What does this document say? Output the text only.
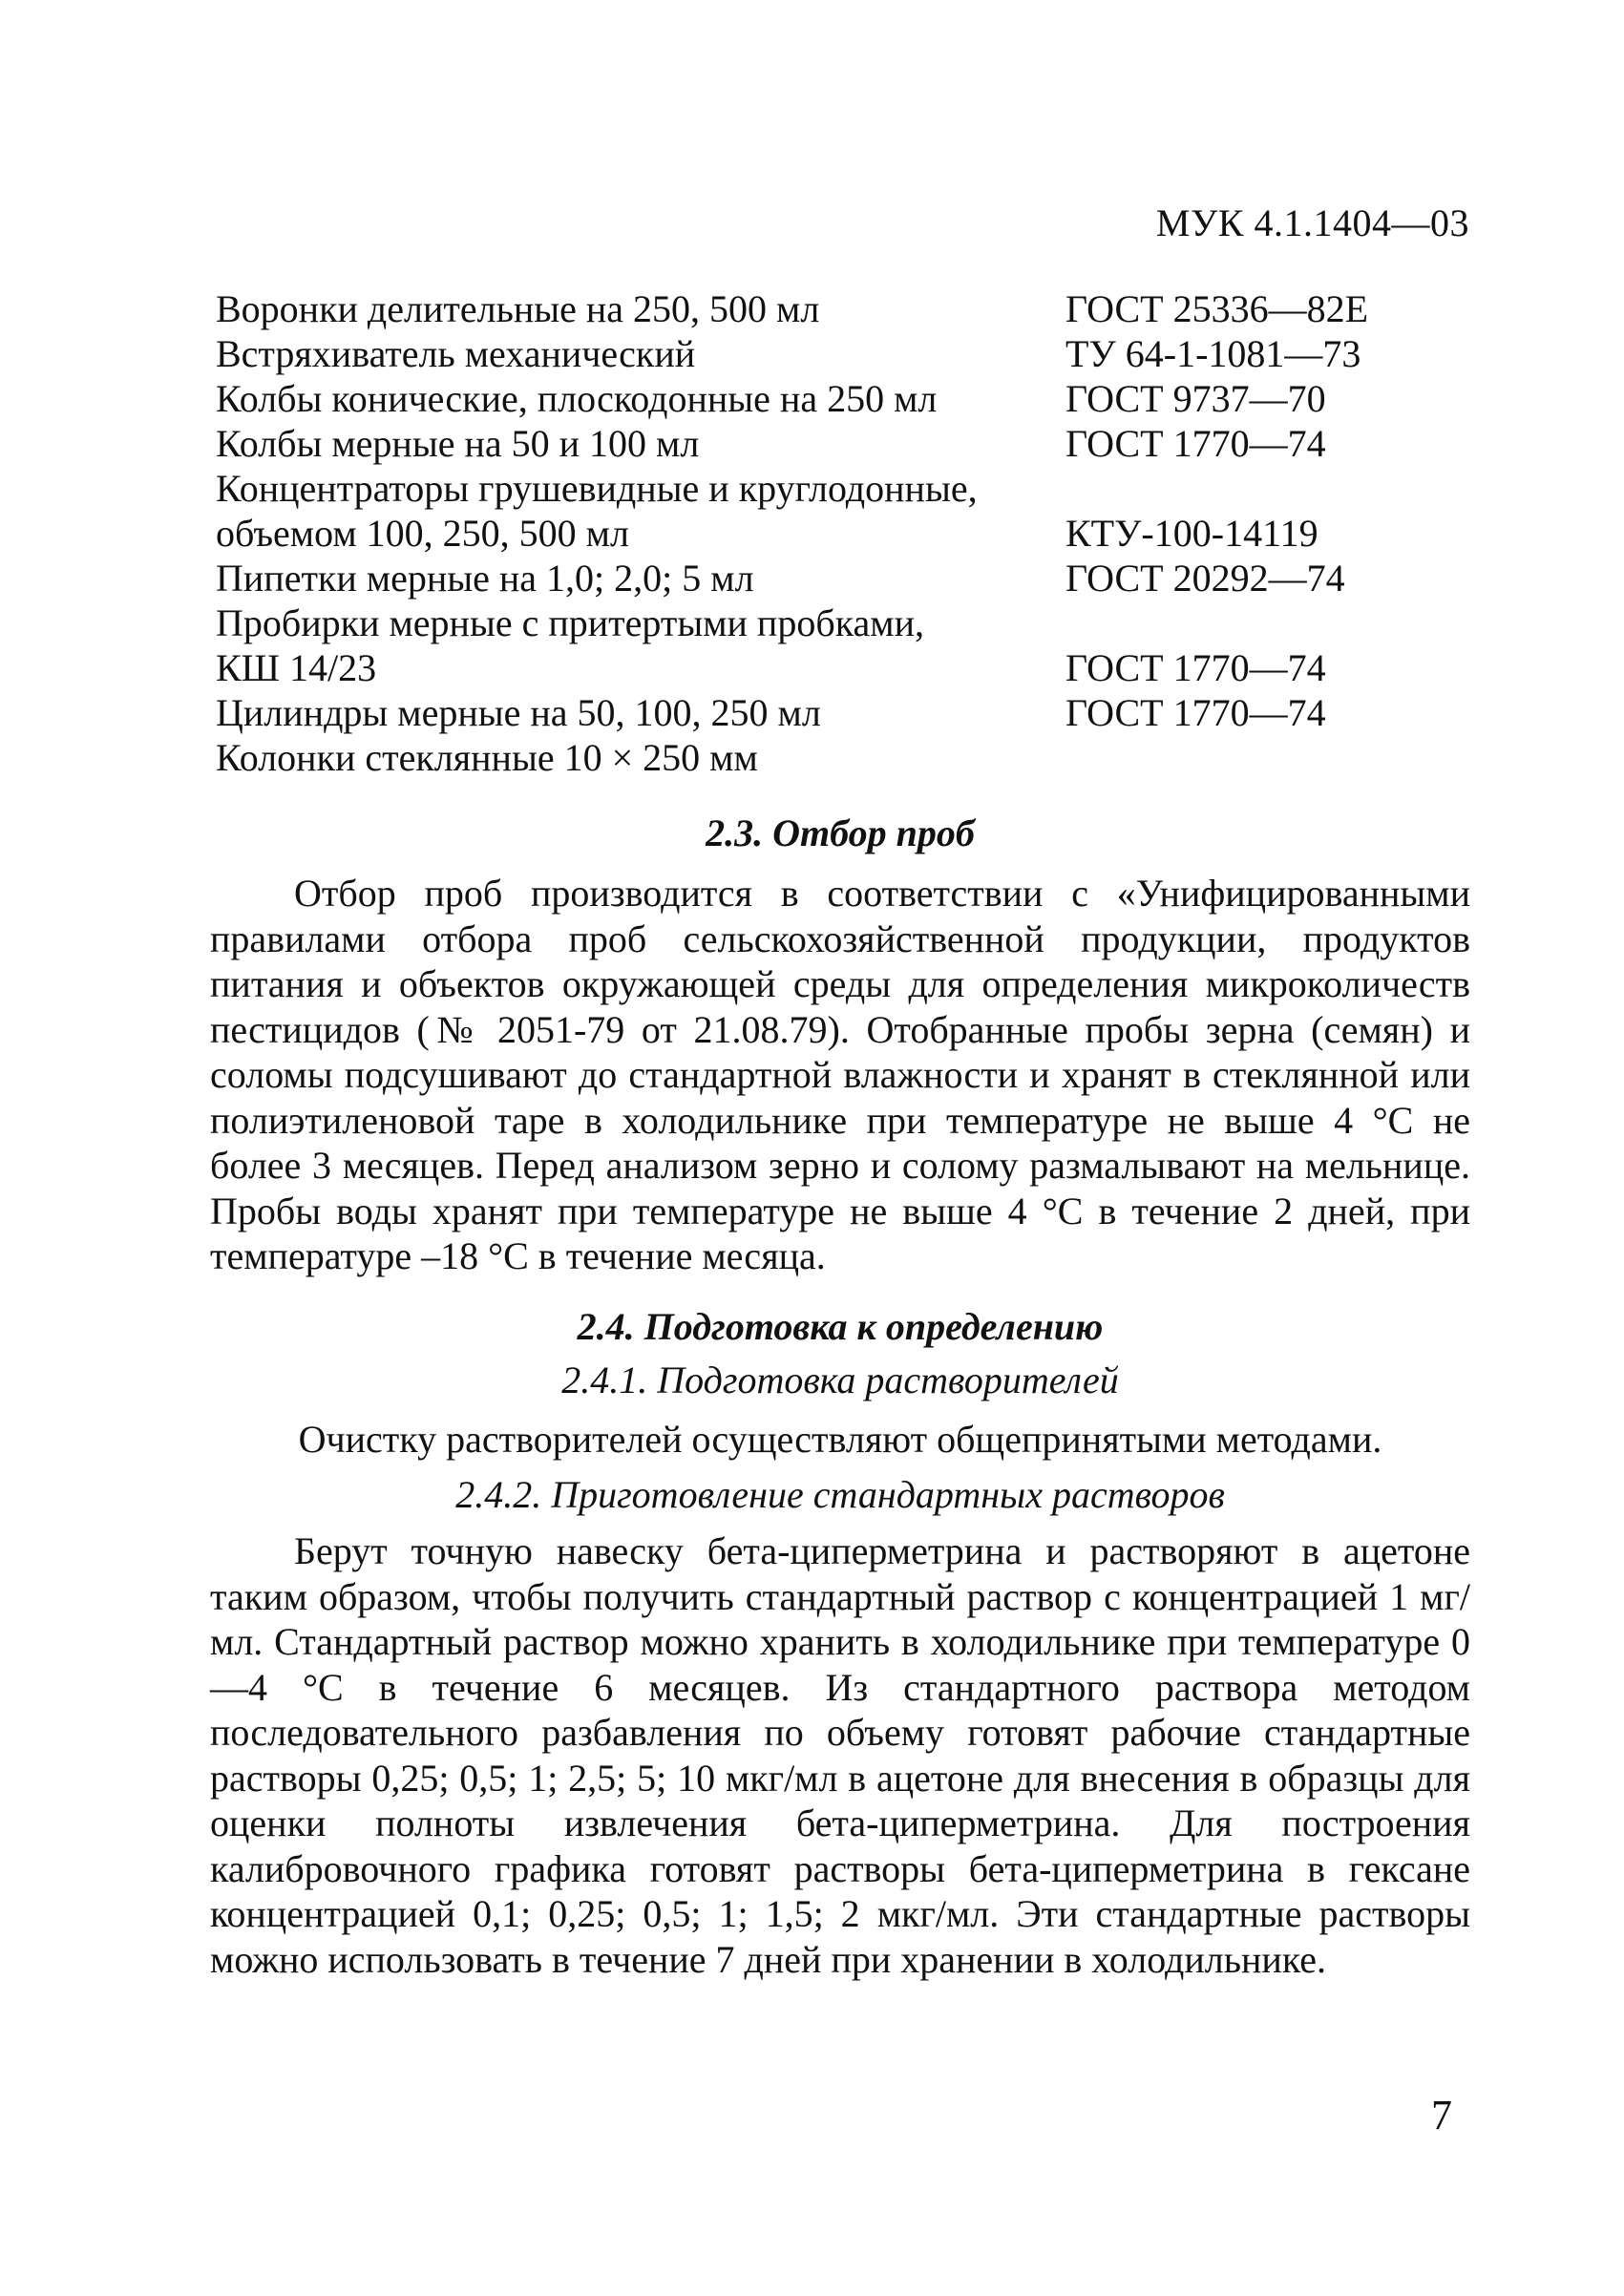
МУК 4.1.1404—03
Воронки делительные на 250, 500 мл	ГОСТ 25336—82Е
Встряхиватель механический	ТУ 64-1-1081—73
Колбы конические, плоскодонные на 250 мл	ГОСТ 9737—70
Колбы мерные на 50 и 100 мл	ГОСТ 1770—74
Концентраторы грушевидные и круглодонные,
объемом 100, 250, 500 мл	КТУ-100-14119
Пипетки мерные на 1,0; 2,0; 5 мл	ГОСТ 20292—74
Пробирки мерные с притертыми пробками,
КШ 14/23	ГОСТ 1770—74
Цилиндры мерные на 50, 100, 250 мл	ГОСТ 1770—74
Колонки стеклянные 10 × 250 мм
2.3. Отбор проб

Отбор проб производится в соответствии с «Унифицированными правилами отбора проб сельскохозяйственной продукции, продуктов питания и объектов окружающей среды для определения микроколичеств пестицидов (№ 2051-79 от 21.08.79). Отобранные пробы зерна (семян) и соломы подсушивают до стандартной влажности и хранят в стеклянной или полиэтиленовой таре в холодильнике при температуре не выше 4 °С не более 3 месяцев. Перед анализом зерно и солому размалывают на мельнице. Пробы воды хранят при температуре не выше 4 °С в течение 2 дней, при температуре –18 °С в течение месяца.

2.4. Подготовка к определению
2.4.1. Подготовка растворителей
Очистку растворителей осуществляют общепринятыми методами.
2.4.2. Приготовление стандартных растворов

Берут точную навеску бета-циперметрина и растворяют в ацетоне таким образом, чтобы получить стандартный раствор с концентрацией 1 мг/мл. Стандартный раствор можно хранить в холодильнике при температуре 0—4 °С в течение 6 месяцев. Из стандартного раствора методом последовательного разбавления по объему готовят рабочие стандартные растворы 0,25; 0,5; 1; 2,5; 5; 10 мкг/мл в ацетоне для внесения в образцы для оценки полноты извлечения бета-циперметрина. Для построения калибровочного графика готовят растворы бета-циперметрина в гексане концентрацией 0,1; 0,25; 0,5; 1; 1,5; 2 мкг/мл. Эти стандартные растворы можно использовать в течение 7 дней при хранении в холодильнике.

7
